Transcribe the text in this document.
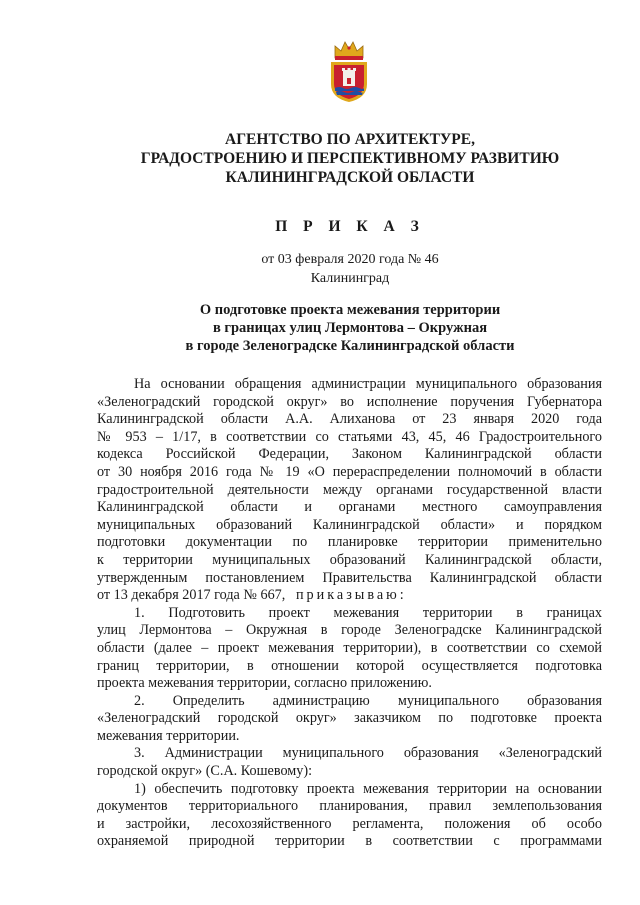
АГЕНТСТВО ПО АРХИТЕКТУРЕ,
ГРАДОСТРОЕНИЮ И ПЕРСПЕКТИВНОМУ РАЗВИТИЮ
КАЛИНИНГРАДСКОЙ ОБЛАСТИ
П Р И К А З
от 03 февраля 2020 года № 46
Калининград
О подготовке проекта межевания территории
в границах улиц Лермонтова – Окружная
в городе Зеленоградске Калининградской области
На основании обращения администрации муниципального образования
«Зеленоградский городской округ» во исполнение поручения Губернатора
Калининградской области А.А. Алиханова от 23 января 2020 года
№ 953 – 1/17, в соответствии со статьями 43, 45, 46 Градостроительного
кодекса Российской Федерации, Законом Калининградской области
от 30 ноября 2016 года № 19 «О перераспределении полномочий в области
градостроительной деятельности между органами государственной власти
Калининградской области и органами местного самоуправления
муниципальных образований Калининградской области» и порядком
подготовки документации по планировке территории применительно
к территории муниципальных образований Калининградской области,
утвержденным постановлением Правительства Калининградской области
от 13 декабря 2017 года № 667, приказываю:
1. Подготовить проект межевания территории в границах
улиц Лермонтова – Окружная в городе Зеленоградске Калининградской
области (далее – проект межевания территории), в соответствии со схемой
границ территории, в отношении которой осуществляется подготовка
проекта межевания территории, согласно приложению.
2. Определить администрацию муниципального образования
«Зеленоградский городской округ» заказчиком по подготовке проекта
межевания территории.
3. Администрации муниципального образования «Зеленоградский
городской округ» (С.А. Кошевому):
1) обеспечить подготовку проекта межевания территории на основании
документов территориального планирования, правил землепользования
и застройки, лесохозяйственного регламента, положения об особо
охраняемой природной территории в соответствии с программами
